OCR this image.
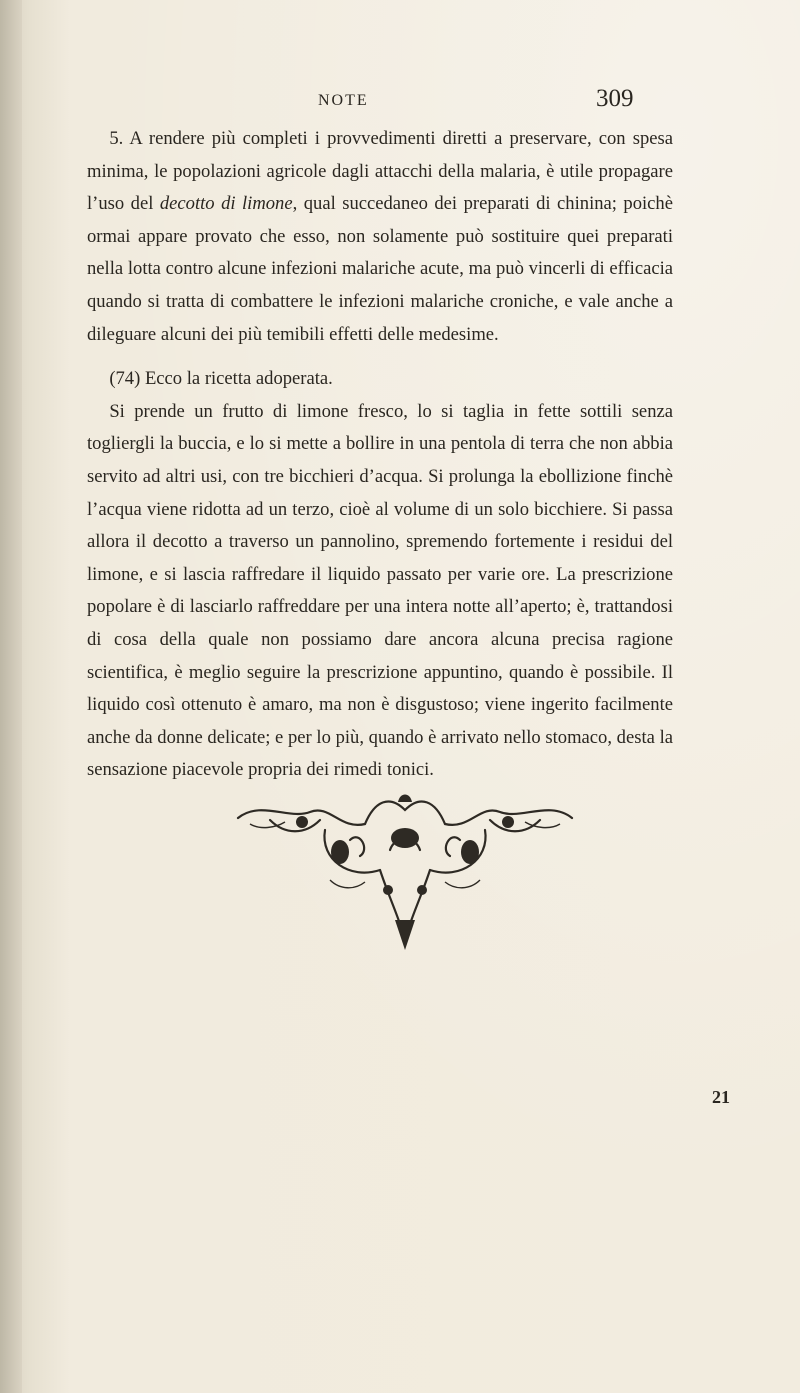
NOTE	309

5. A rendere più completi i provvedimenti diretti a preservare, con spesa minima, le popolazioni agricole dagli attacchi della malaria, è utile propagare l’uso del decotto di limone, qual succedaneo dei preparati di chinina; poichè ormai appare provato che esso, non solamente può sostituire quei preparati nella lotta contro alcune infezioni malariche acute, ma può vincerli di efficacia quando si tratta di combattere le infezioni malariche croniche, e vale anche a dileguare alcuni dei più temibili effetti delle medesime.

(74) Ecco la ricetta adoperata.

Si prende un frutto di limone fresco, lo si taglia in fette sottili senza togliergli la buccia, e lo si mette a bollire in una pentola di terra che non abbia servito ad altri usi, con tre bicchieri d’acqua. Si prolunga la ebollizione finchè l’acqua viene ridotta ad un terzo, cioè al volume di un solo bicchiere. Si passa allora il decotto a traverso un pannolino, spremendo fortemente i residui del limone, e si lascia raffredare il liquido passato per varie ore. La prescrizione popolare è di lasciarlo raffreddare per una intera notte all’aperto; è, trattandosi di cosa della quale non possiamo dare ancora alcuna precisa ragione scientifica, è meglio seguire la prescrizione appuntino, quando è possibile. Il liquido così ottenuto è amaro, ma non è disgustoso; viene ingerito facilmente anche da donne delicate; e per lo più, quando è arrivato nello stomaco, desta la sensazione piacevole propria dei rimedi tonici.

21
